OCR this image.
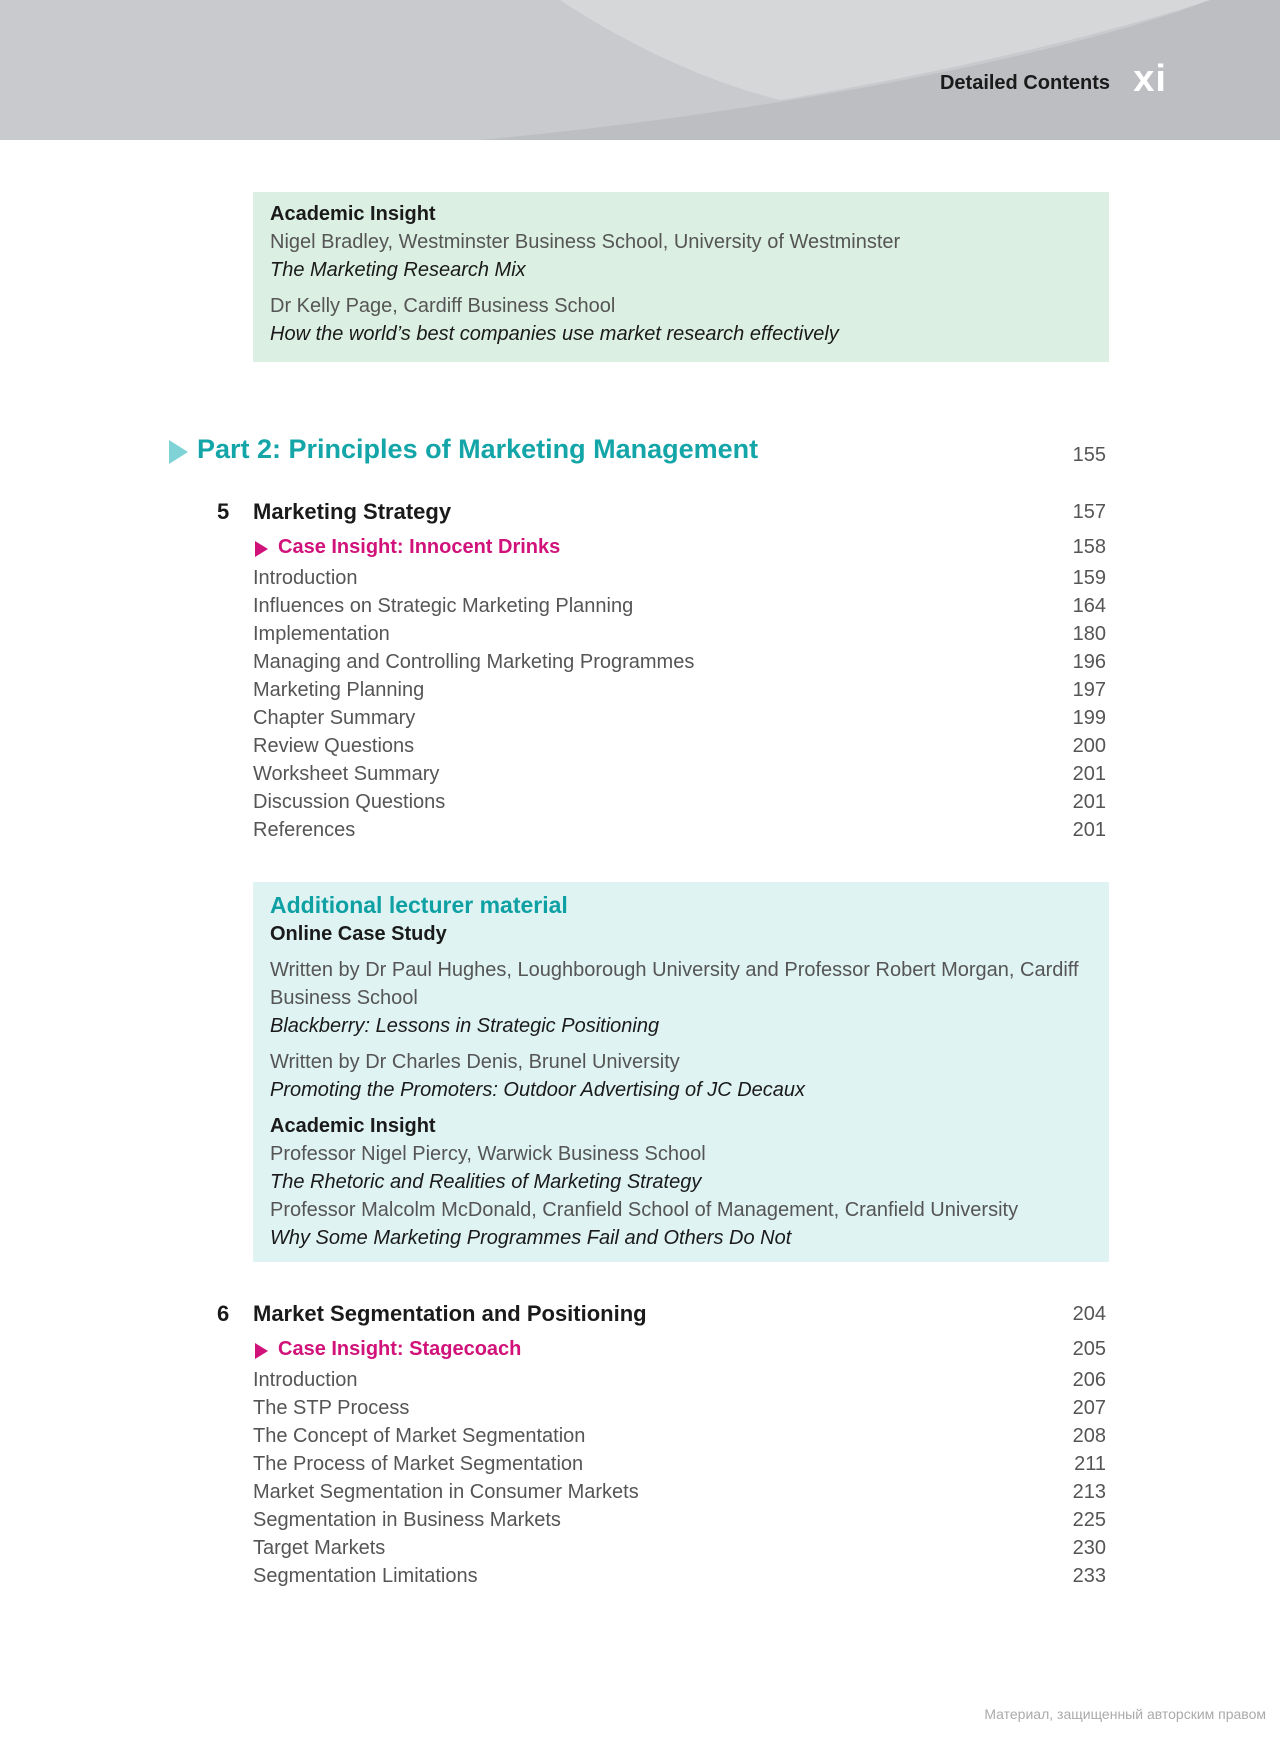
Detailed Contents xi
Academic Insight
Nigel Bradley, Westminster Business School, University of Westminster
The Marketing Research Mix
Dr Kelly Page, Cardiff Business School
How the world’s best companies use market research effectively
Part 2: Principles of Marketing Management	155
5 Marketing Strategy	157
Case Insight: Innocent Drinks	158
Introduction	159
Influences on Strategic Marketing Planning	164
Implementation	180
Managing and Controlling Marketing Programmes	196
Marketing Planning	197
Chapter Summary	199
Review Questions	200
Worksheet Summary	201
Discussion Questions	201
References	201
Additional lecturer material
Online Case Study
Written by Dr Paul Hughes, Loughborough University and Professor Robert Morgan, Cardiff
Business School
Blackberry: Lessons in Strategic Positioning
Written by Dr Charles Denis, Brunel University
Promoting the Promoters: Outdoor Advertising of JC Decaux
Academic Insight
Professor Nigel Piercy, Warwick Business School
The Rhetoric and Realities of Marketing Strategy
Professor Malcolm McDonald, Cranfield School of Management, Cranfield University
Why Some Marketing Programmes Fail and Others Do Not
6 Market Segmentation and Positioning	204
Case Insight: Stagecoach	205
Introduction	206
The STP Process	207
The Concept of Market Segmentation	208
The Process of Market Segmentation	211
Market Segmentation in Consumer Markets	213
Segmentation in Business Markets	225
Target Markets	230
Segmentation Limitations	233
Материал, защищенный авторским правом
